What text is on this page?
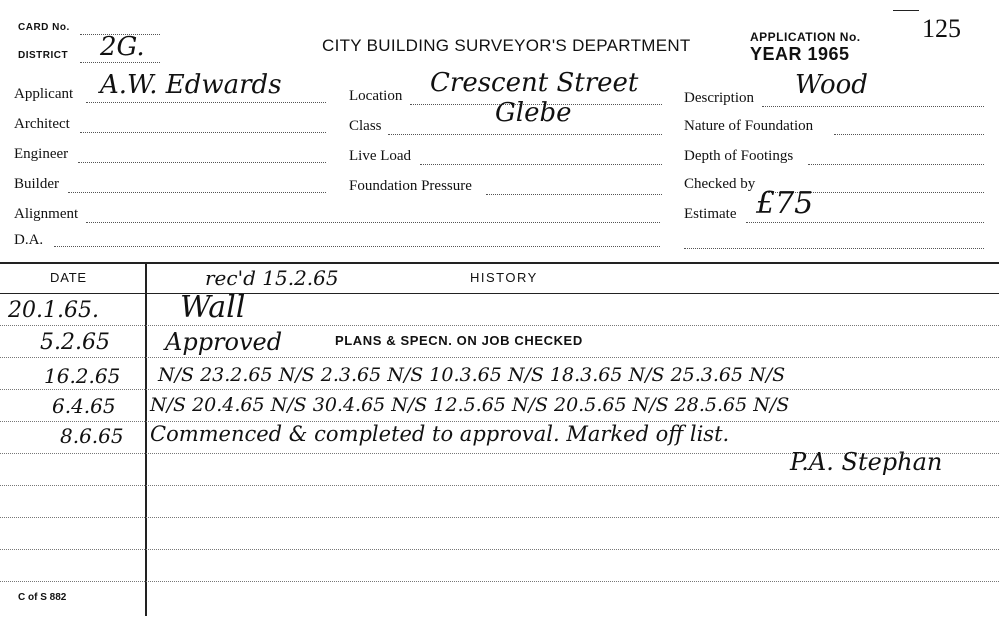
CARD No.
DISTRICT 2G.	CITY BUILDING SURVEYOR'S DEPARTMENT	APPLICATION No. 125
YEAR 1965
Applicant A.W. Edwards
Architect
Engineer
Builder
Alignment
D.A.
Location Crescent Street
Class	Glebe
Live Load
Foundation Pressure
Description Wood
Nature of Foundation
Depth of Footings
Checked by
Estimate £75
DATE	HISTORY
rec'd 15.2.65
20.1.65.	Wall
5.2.65 Approved	PLANS & SPECN. ON JOB CHECKED
16.2.65 N/S 23.2.65 N/S 2.3.65 N/S 10.3.65 N/S 18.3.65 N/S 25.3.65 N/S
6.4.65 N/S 20.4.65 N/S 30.4.65 N/S 12.5.65 N/S 20.5.65 N/S 28.5.65 N/S
8.6.65 Commenced & completed to approval. Marked off list.
P.A. Stephan
C of S 882
